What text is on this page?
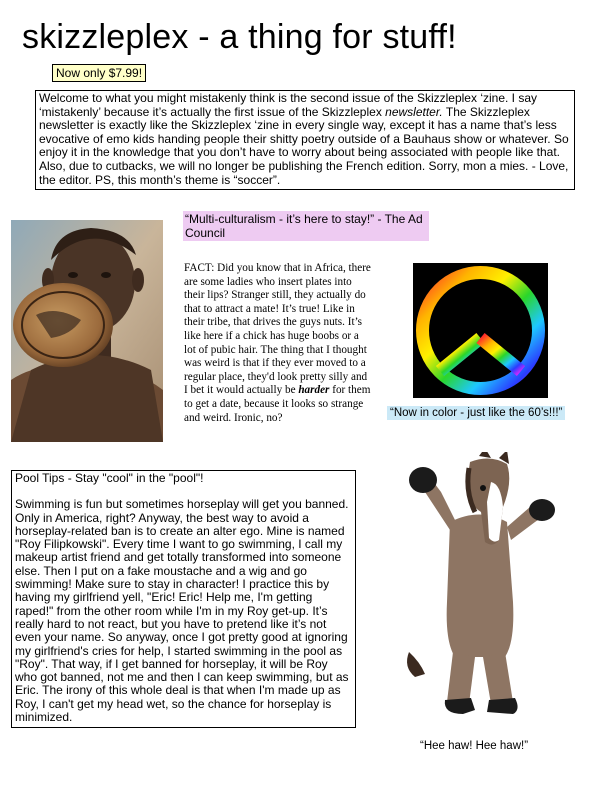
skizzleplex - a thing for stuff!
Now only $7.99!
Welcome to what you might mistakenly think is the second issue of the Skizzleplex ‘zine. I say ‘mistakenly’ because it’s actually the first issue of the Skizzleplex newsletter. The Skizzleplex newsletter is exactly like the Skizzleplex ‘zine in every single way, except it has a name that’s less evocative of emo kids handing people their shitty poetry outside of a Bauhaus show or whatever. So enjoy it in the knowledge that you don’t have to worry about being associated with people like that. Also, due to cutbacks, we will no longer be publishing the French edition. Sorry, mon a mies. - Love, the editor. PS, this month’s theme is “soccer”.
“Multi-culturalism - it’s here to stay!” - The Ad Council

FACT: Did you know that in Africa, there are some ladies who insert plates into their lips? Stranger still, they actually do that to attract a mate! It’s true! Like in their tribe, that drives the guys nuts. It’s like here if a chick has huge boobs or a lot of pubic hair. The thing that I thought was weird is that if they ever moved to a regular place, they'd look pretty silly and I bet it would actually be harder for them to get a date, because it looks so strange and weird. Ironic, no?	“Now in color - just like the 60’s!!!”

Pool Tips - Stay "cool" in the "pool"!

Swimming is fun but sometimes horseplay will get you banned. Only in America, right? Anyway, the best way to avoid a horseplay-related ban is to create an alter ego. Mine is named "Roy Filipkowski". Every time I want to go swimming, I call my makeup artist friend and get totally transformed into someone else. Then I put on a fake moustache and a wig and go swimming! Make sure to stay in character! I practice this by having my girlfriend yell, "Eric! Eric! Help me, I'm getting raped!" from the other room while I'm in my Roy get-up. It’s really hard to not react, but you have to pretend like it’s not even your name. So anyway, once I got pretty good at ignoring my girlfriend's cries for help, I started swimming in the pool as "Roy". That way, if I get banned for horseplay, it will be Roy who got banned, not me and then I can keep swimming, but as Eric. The irony of this whole deal is that when I'm made up as Roy, I can't get my head wet, so the chance for horseplay is minimized.

“Hee haw! Hee haw!”
